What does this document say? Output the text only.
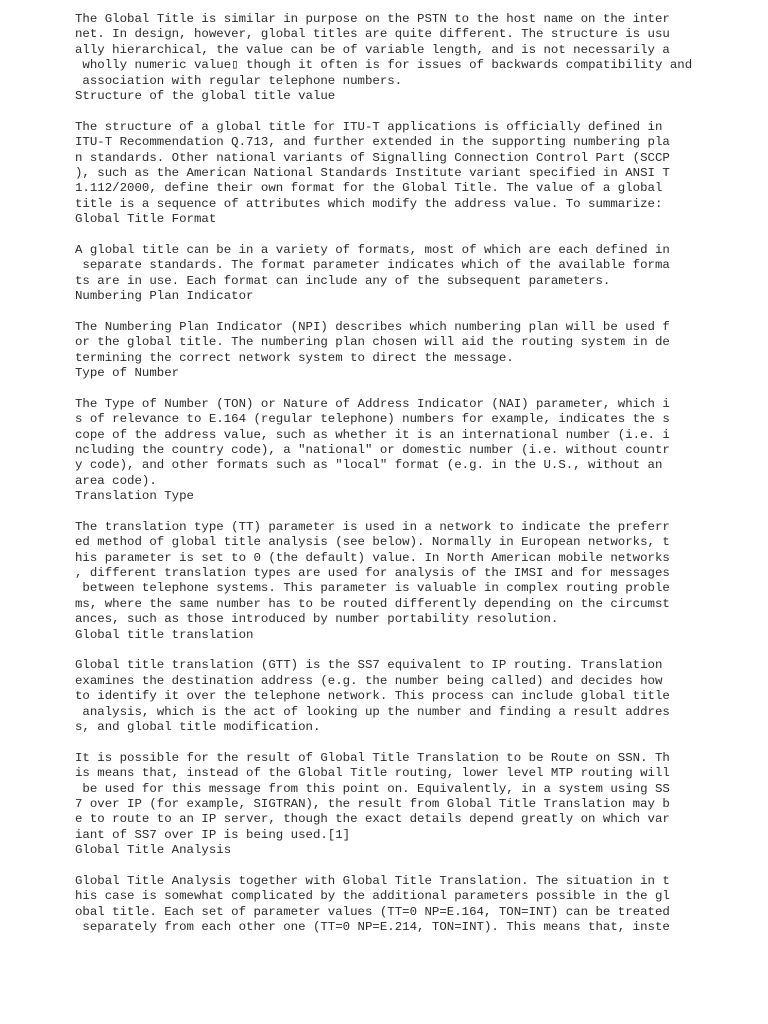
The Global Title is similar in purpose on the PSTN to the host name on the inter
net. In design, however, global titles are quite different. The structure is usu
ally hierarchical, the value can be of variable length, and is not necessarily a
wholly numeric value▯ though it often is for issues of backwards compatibility and
association with regular telephone numbers.
Structure of the global title value
The structure of a global title for ITU-T applications is officially defined in
ITU-T Recommendation Q.713, and further extended in the supporting numbering pla
n standards. Other national variants of Signalling Connection Control Part (SCCP
), such as the American National Standards Institute variant specified in ANSI T
1.112/2000, define their own format for the Global Title. The value of a global
title is a sequence of attributes which modify the address value. To summarize:
Global Title Format
A global title can be in a variety of formats, most of which are each defined in
separate standards. The format parameter indicates which of the available forma
ts are in use. Each format can include any of the subsequent parameters.
Numbering Plan Indicator
The Numbering Plan Indicator (NPI) describes which numbering plan will be used f
or the global title. The numbering plan chosen will aid the routing system in de
termining the correct network system to direct the message.
Type of Number
The Type of Number (TON) or Nature of Address Indicator (NAI) parameter, which i
s of relevance to E.164 (regular telephone) numbers for example, indicates the s
cope of the address value, such as whether it is an international number (i.e. i
ncluding the country code), a "national" or domestic number (i.e. without countr
y code), and other formats such as "local" format (e.g. in the U.S., without an
area code).
Translation Type
The translation type (TT) parameter is used in a network to indicate the preferr
ed method of global title analysis (see below). Normally in European networks, t
his parameter is set to 0 (the default) value. In North American mobile networks
, different translation types are used for analysis of the IMSI and for messages
between telephone systems. This parameter is valuable in complex routing proble
ms, where the same number has to be routed differently depending on the circumst
ances, such as those introduced by number portability resolution.
Global title translation
Global title translation (GTT) is the SS7 equivalent to IP routing. Translation
examines the destination address (e.g. the number being called) and decides how
to identify it over the telephone network. This process can include global title
analysis, which is the act of looking up the number and finding a result addres
s, and global title modification.
It is possible for the result of Global Title Translation to be Route on SSN. Th
is means that, instead of the Global Title routing, lower level MTP routing will
be used for this message from this point on. Equivalently, in a system using SS
7 over IP (for example, SIGTRAN), the result from Global Title Translation may b
e to route to an IP server, though the exact details depend greatly on which var
iant of SS7 over IP is being used.[1]
Global Title Analysis
Global Title Analysis together with Global Title Translation. The situation in t
his case is somewhat complicated by the additional parameters possible in the gl
obal title. Each set of parameter values (TT=0 NP=E.164, TON=INT) can be treated
separately from each other one (TT=0 NP=E.214, TON=INT). This means that, inste
